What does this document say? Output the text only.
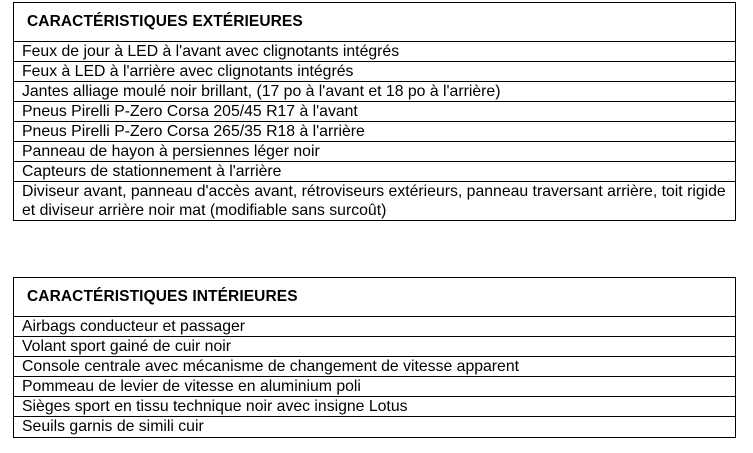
CARACTÉRISTIQUES EXTÉRIEURES
Feux de jour à LED à l'avant avec clignotants intégrés
Feux à LED à l'arrière avec clignotants intégrés
Jantes alliage moulé noir brillant, (17 po à l'avant et 18 po à l'arrière)
Pneus Pirelli P-Zero Corsa 205/45 R17 à l'avant
Pneus Pirelli P-Zero Corsa 265/35 R18 à l'arrière
Panneau de hayon à persiennes léger noir
Capteurs de stationnement à l'arrière
Diviseur avant, panneau d'accès avant, rétroviseurs extérieurs, panneau traversant arrière, toit rigide et diviseur arrière noir mat (modifiable sans surcoût)
CARACTÉRISTIQUES INTÉRIEURES
Airbags conducteur et passager
Volant sport gainé de cuir noir
Console centrale avec mécanisme de changement de vitesse apparent
Pommeau de levier de vitesse en aluminium poli
Sièges sport en tissu technique noir avec insigne Lotus
Seuils garnis de simili cuir
